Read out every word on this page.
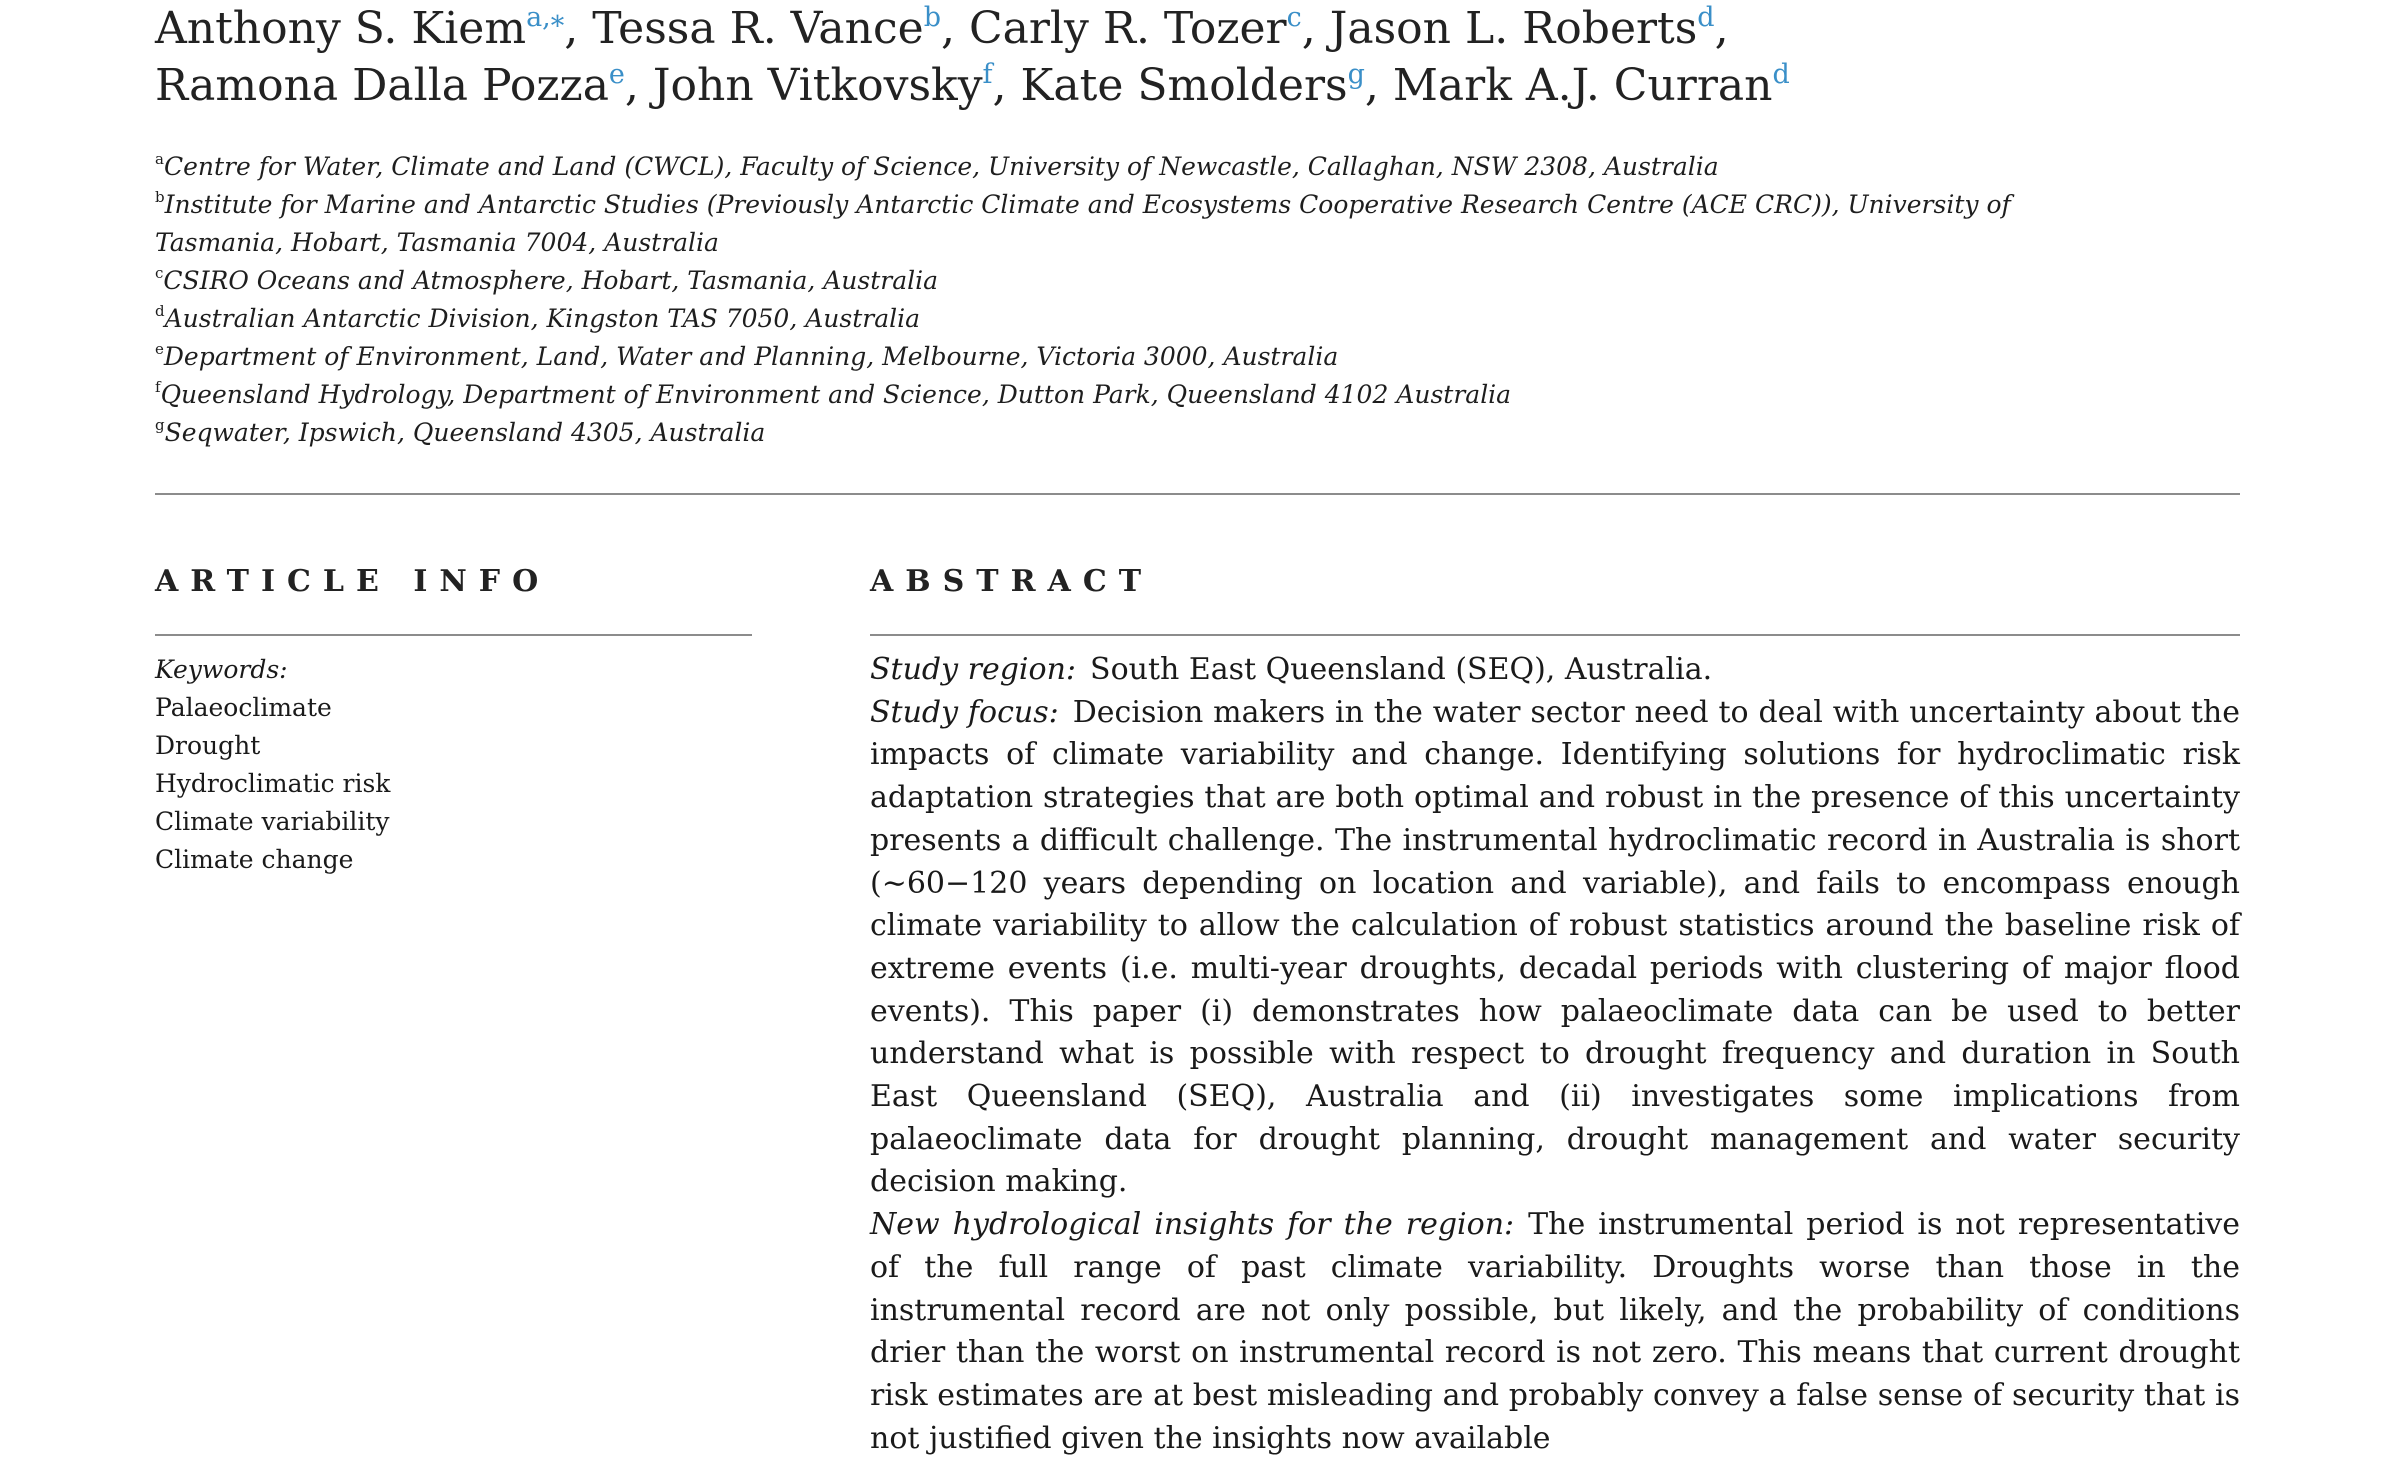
Anthony S. Kiem$^{a,⁎}$, Tessa R. Vance$^b$, Carly R. Tozer$^c$, Jason L. Roberts$^d$,
Ramona Dalla Pozza$^e$, John Vitkovsky$^f$, Kate Smolders$^g$, Mark A.J. Curran$^d$
$^a$Centre for Water, Climate and Land (CWCL), Faculty of Science, University of Newcastle, Callaghan, NSW 2308, Australia
$^b$Institute for Marine and Antarctic Studies (Previously Antarctic Climate and Ecosystems Cooperative Research Centre (ACE CRC)), University of
Tasmania, Hobart, Tasmania 7004, Australia
$^c$CSIRO Oceans and Atmosphere, Hobart, Tasmania, Australia
$^d$Australian Antarctic Division, Kingston TAS 7050, Australia
$^e$Department of Environment, Land, Water and Planning, Melbourne, Victoria 3000, Australia
$^f$Queensland Hydrology, Department of Environment and Science, Dutton Park, Queensland 4102 Australia
$^g$Seqwater, Ipswich, Queensland 4305, Australia
ARTICLE INFO
Keywords:
Palaeoclimate
Drought
Hydroclimatic risk
Climate variability
Climate change
ABSTRACT

Study region: South East Queensland (SEQ), Australia.

Study focus: Decision makers in the water sector need to deal with uncertainty about the impacts of climate variability and change. Identifying solutions for hydroclimatic risk adaptation strategies that are both optimal and robust in the presence of this uncertainty presents a difficult challenge. The instrumental hydroclimatic record in Australia is short (∼60−120 years depending on location and variable), and fails to encompass enough climate variability to allow the calculation of robust statistics around the baseline risk of extreme events (i.e. multi-year droughts, decadal periods with clustering of major flood events). This paper (i) demonstrates how palaeoclimate data can be used to better understand what is possible with respect to drought frequency and duration in South East Queensland (SEQ), Australia and (ii) investigates some implications from palaeoclimate data for drought planning, drought management and water security decision making.

New hydrological insights for the region: The instrumental period is not representative of the full range of past climate variability. Droughts worse than those in the instrumental record are not only possible, but likely, and the probability of conditions drier than the worst on instrumental record is not zero. This means that current drought risk estimates are at best misleading and probably convey a false sense of security that is not justified given the insights now available
